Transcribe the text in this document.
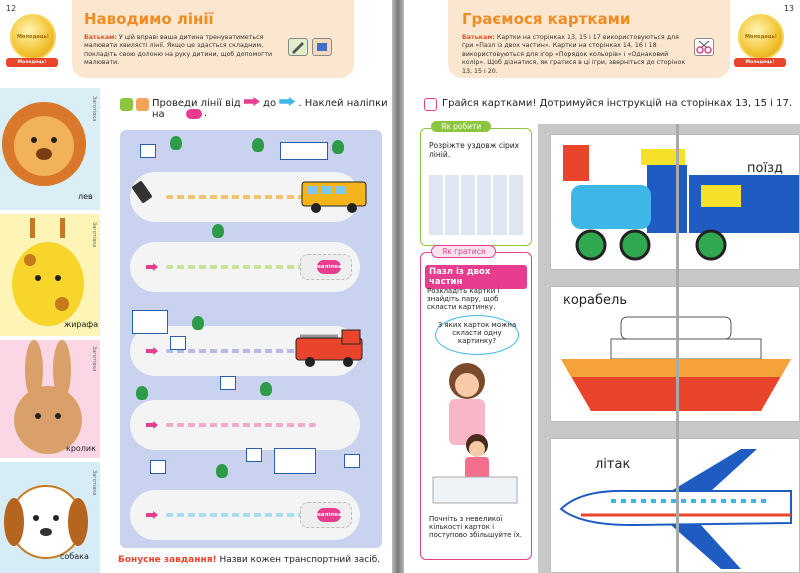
12
Наводимо лінії
Батькам: У цій вправі ваша дитина тренуватиметься малювати хвилясті лінії. Якщо це здасться складним, покладіть свою долоню на руку дитини, щоб допомогти малювати.
Молодець!
Молодець!
Проведи лінії від до . Наклей наліпки на	.
лев
жирафа
кролик
собака
Заготівка
Заготівка
Заготівка
Заготівка
наліпка
наліпка
Бонусне завдання! Назви кожен транспортний засіб.
13
Граємося картками
Батькам: Картки на сторінках 13, 15 і 17 використовуються для гри «Пазл із двох частин». Картки на сторінках 14, 16 і 18 використовуються для ігор «Порядок кольорів» і «Однаковий колір». Щоб дізнатися, як гратися в ці ігри, зверніться до сторінок 13, 15 і 20.
Молодець!
Молодець!
Грайся картками! Дотримуйся інструкцій на сторінках 13, 15 і 17.
Як робити
Розріжте уздовж сірих ліній.
Як гратися
Пазл із двох частин
Розкладіть картки і знайдіть пару, щоб скласти картинку.
З яких карток можна скласти одну картинку?
Почніть з невеликої кількості карток і поступово збільшуйте їх.
поїзд
корабель
літак
